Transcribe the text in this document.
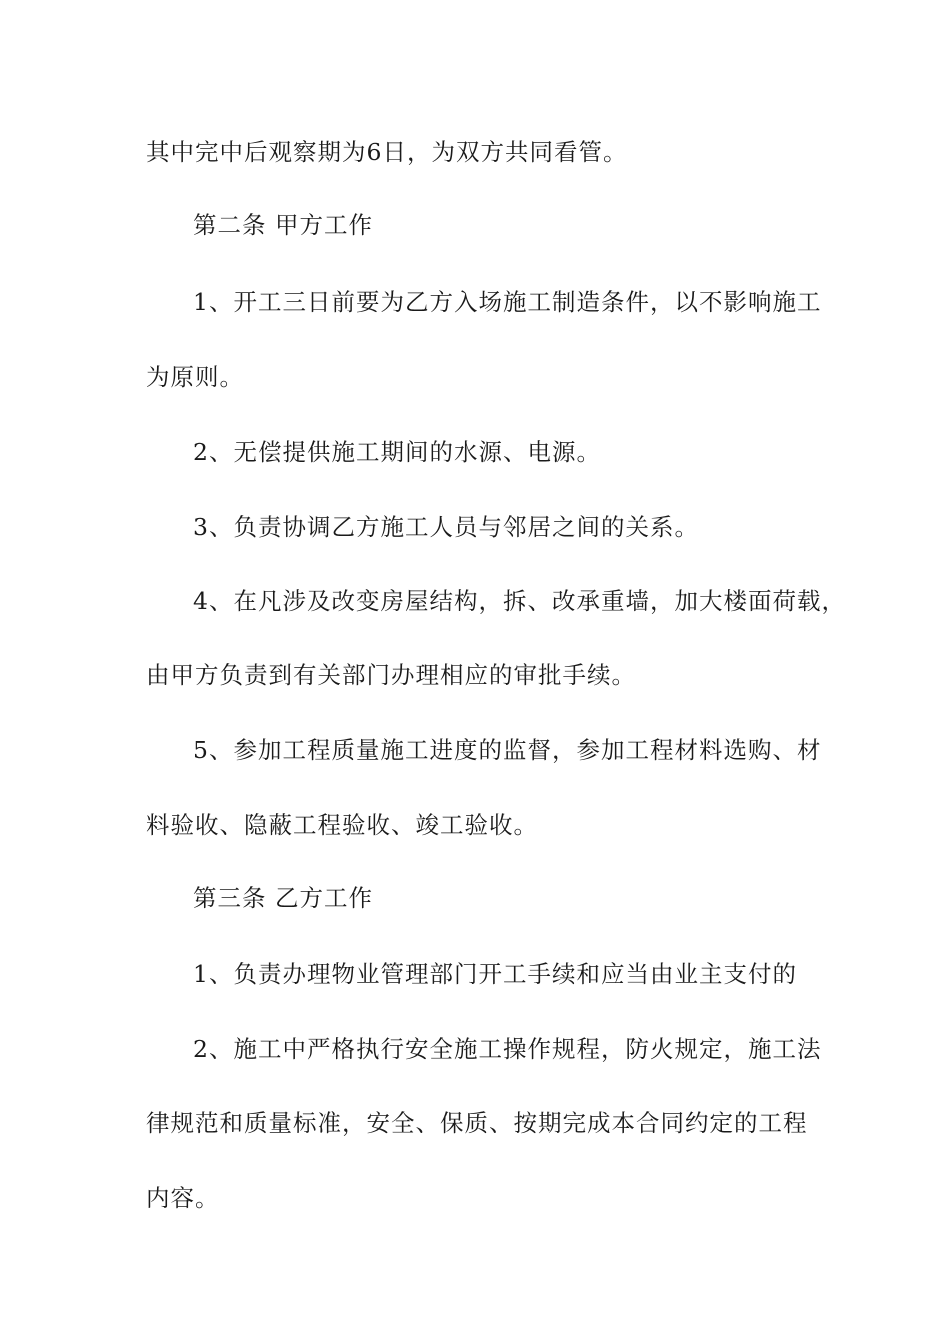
其中完中后观察期为6日，为双方共同看管。
第二条 甲方工作
1、开工三日前要为乙方入场施工制造条件，以不影响施工
为原则。
2、无偿提供施工期间的水源、电源。
3、负责协调乙方施工人员与邻居之间的关系。
4、在凡涉及改变房屋结构，拆、改承重墙，加大楼面荷载，
由甲方负责到有关部门办理相应的审批手续。
5、参加工程质量施工进度的监督，参加工程材料选购、材
料验收、隐蔽工程验收、竣工验收。
第三条 乙方工作
1、负责办理物业管理部门开工手续和应当由业主支付的
2、施工中严格执行安全施工操作规程，防火规定，施工法
律规范和质量标准，安全、保质、按期完成本合同约定的工程
内容。
